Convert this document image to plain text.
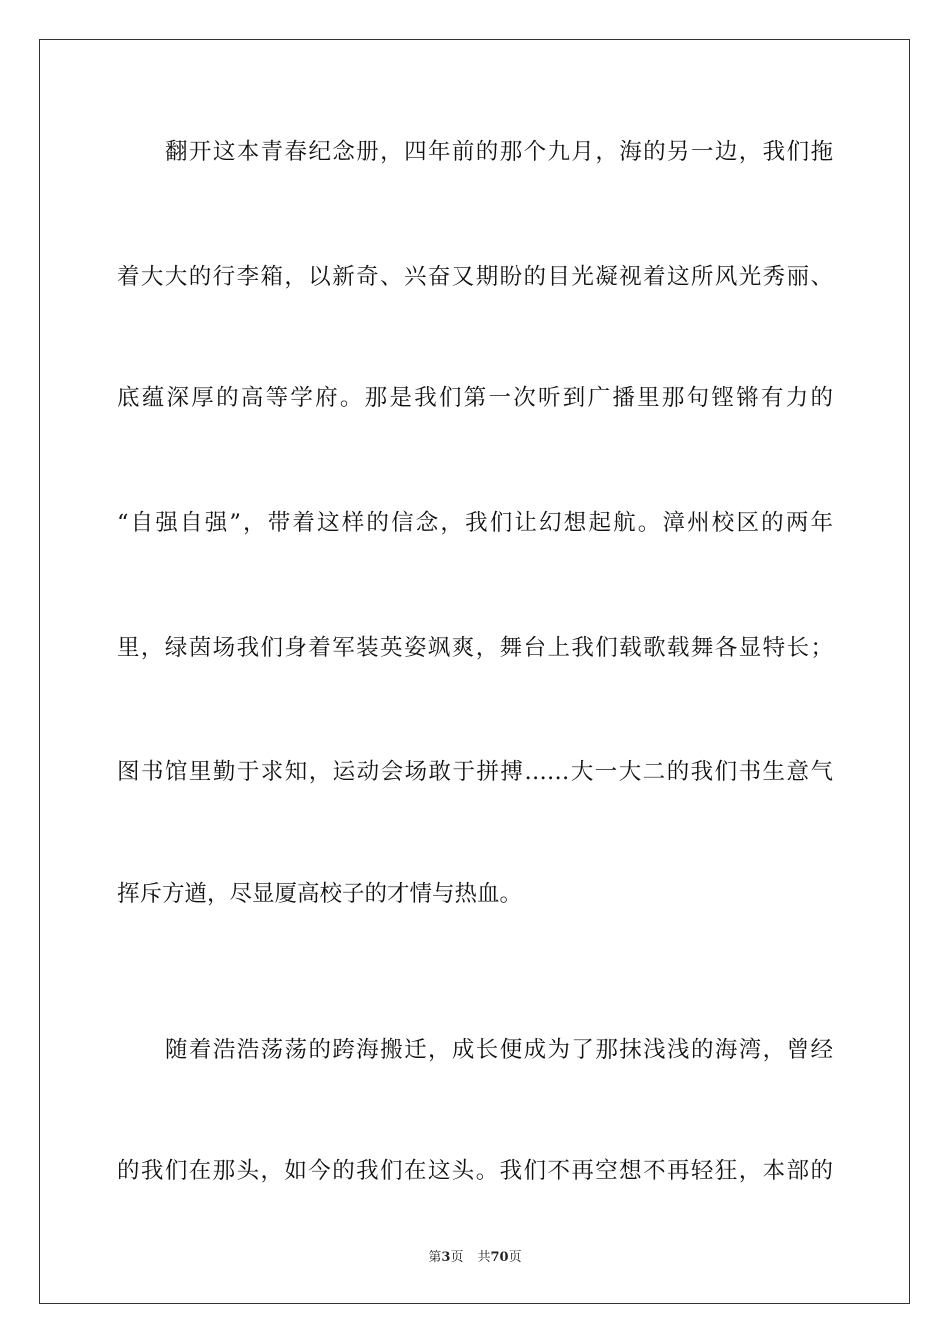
翻开这本青春纪念册，四年前的那个九月，海的另一边，我们拖
着大大的行李箱，以新奇、兴奋又期盼的目光凝视着这所风光秀丽、
底蕴深厚的高等学府。那是我们第一次听到广播里那句铿锵有力的
“自强自强”，带着这样的信念，我们让幻想起航。漳州校区的两年
里，绿茵场我们身着军装英姿飒爽，舞台上我们载歌载舞各显特长；
图书馆里勤于求知，运动会场敢于拼搏……大一大二的我们书生意气
挥斥方遒，尽显厦高校子的才情与热血。
随着浩浩荡荡的跨海搬迁，成长便成为了那抹浅浅的海湾，曾经
的我们在那头，如今的我们在这头。我们不再空想不再轻狂，本部的
第3页 共70页
